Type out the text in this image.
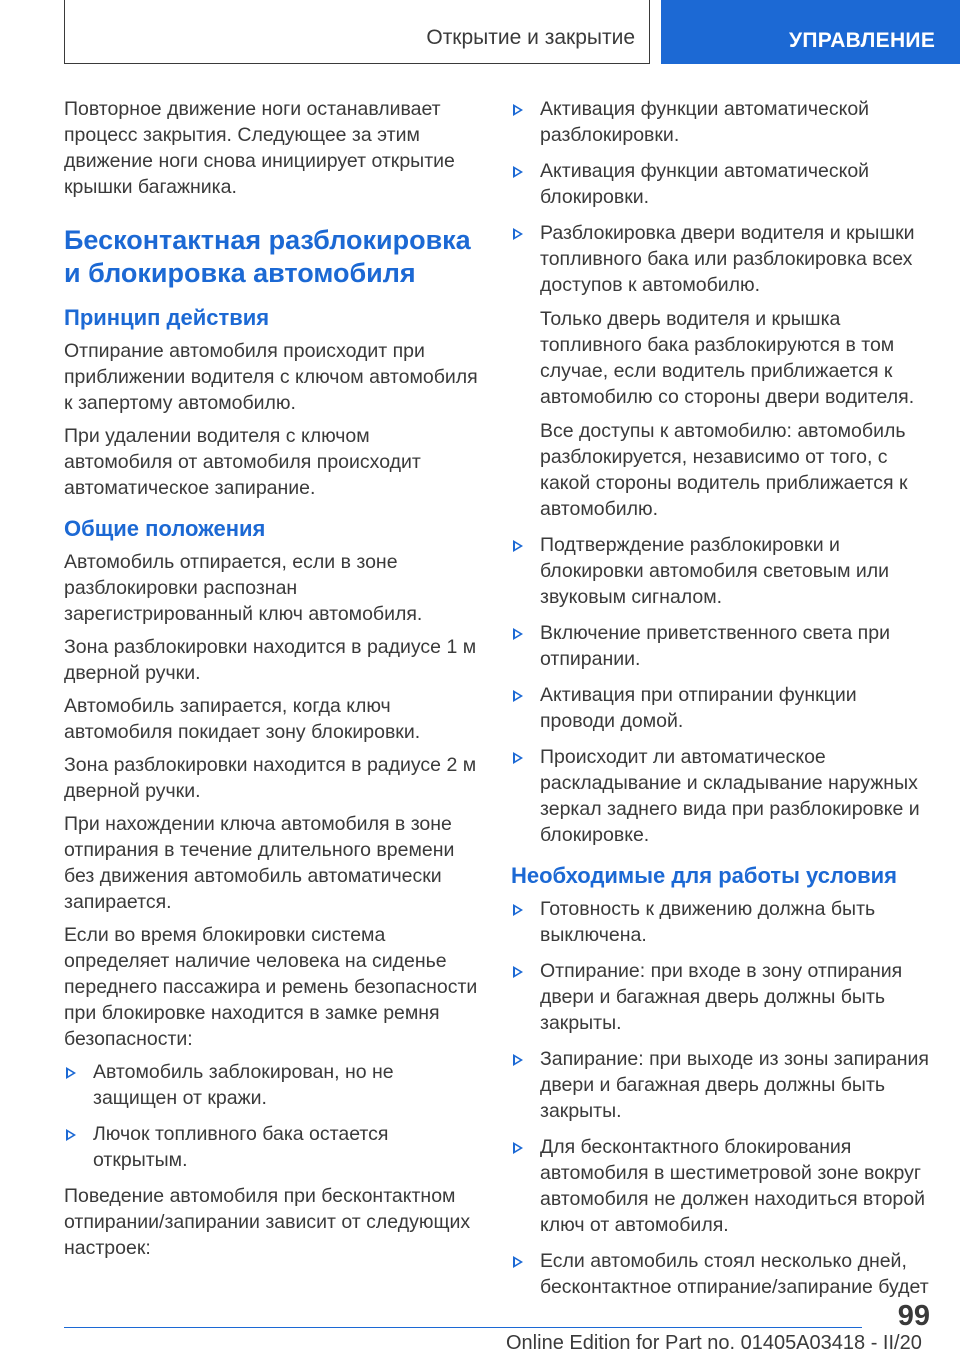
Открытие и закрытие	УПРАВЛЕНИЕ

Повторное движение ноги останавливает процесс закрытия. Следующее за этим движение ноги снова инициирует открытие крышки багажника.

Бесконтактная разблокировка и блокировка автомобиля
Принцип действия

Отпирание автомобиля происходит при приближении водителя с ключом автомобиля к запертому автомобилю.

При удалении водителя с ключом автомобиля от автомобиля происходит автоматическое запирание.

Общие положения

Автомобиль отпирается, если в зоне разблокировки распознан зарегистрированный ключ автомобиля.

Зона разблокировки находится в радиусе 1 м дверной ручки.

Автомобиль запирается, когда ключ автомобиля покидает зону блокировки.

Зона разблокировки находится в радиусе 2 м дверной ручки.

При нахождении ключа автомобиля в зоне отпирания в течение длительного времени без движения автомобиль автоматически запирается.

Если во время блокировки система определяет наличие человека на сиденье переднего пассажира и ремень безопасности при блокировке находится в замке ремня безопасности:

Автомобиль заблокирован, но не защищен от кражи.
Лючок топливного бака остается открытым.

Поведение автомобиля при бесконтактном отпирании/запирании зависит от следующих настроек:

Активация функции автоматической разблокировки.
Активация функции автоматической блокировки.
Разблокировка двери водителя и крышки топливного бака или разблокировка всех доступов к автомобилю.

Только дверь водителя и крышка топливного бака разблокируются в том случае, если водитель приближается к автомобилю со стороны двери водителя.

Все доступы к автомобилю: автомобиль разблокируется, независимо от того, с какой стороны водитель приближается к автомобилю.

Подтверждение разблокировки и блокировки автомобиля световым или звуковым сигналом.
Включение приветственного света при отпирании.
Активация при отпирании функции проводи домой.
Происходит ли автоматическое раскладывание и складывание наружных зеркал заднего вида при разблокировке и блокировке.
Необходимые для работы условия
Готовность к движению должна быть выключена.
Отпирание: при входе в зону отпирания двери и багажная дверь должны быть закрыты.
Запирание: при выходе из зоны запирания двери и багажная дверь должны быть закрыты.
Для бесконтактного блокирования автомобиля в шестиметровой зоне вокруг автомобиля не должен находиться второй ключ от автомобиля.
Если автомобиль стоял несколько дней, бесконтактное отпирание/запирание будет
99
Online Edition for Part no. 01405A03418 - II/20
